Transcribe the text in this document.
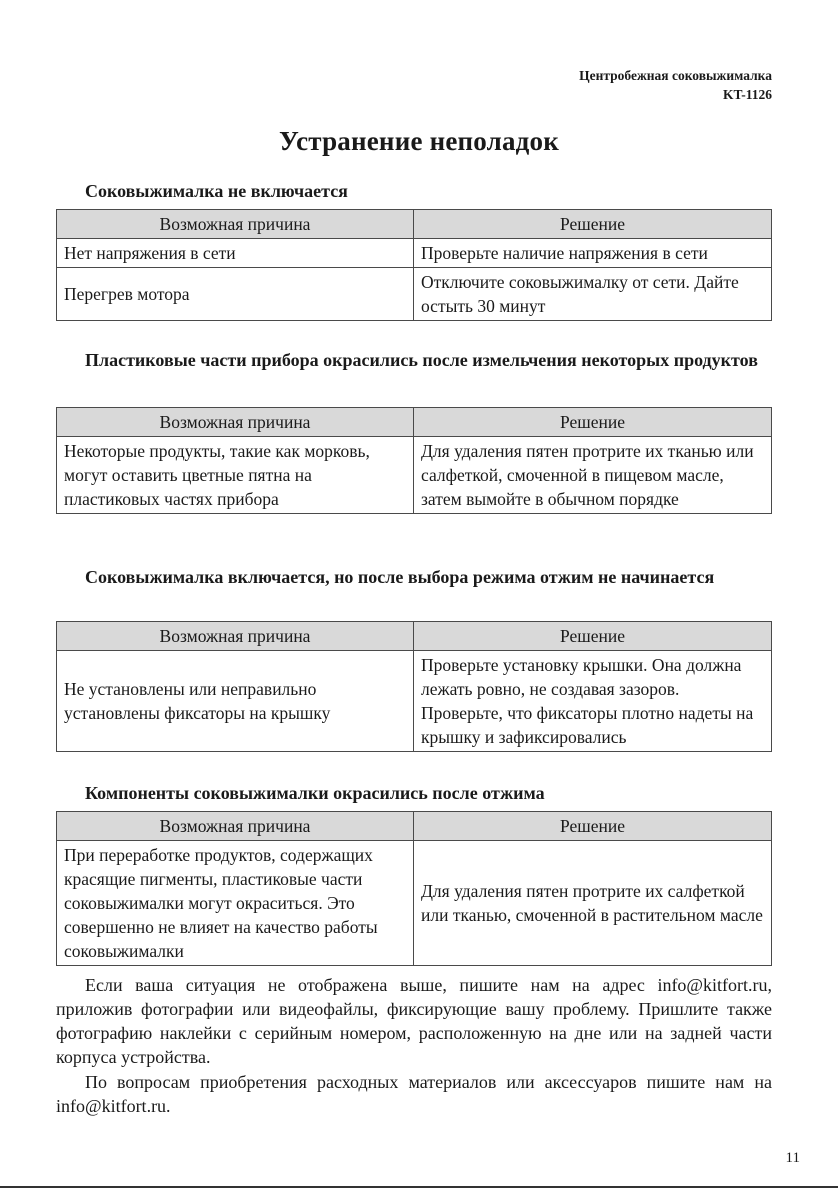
Центробежная соковыжималка
KT-1126
Устранение неполадок
Соковыжималка не включается
Возможная причина	Решение
Нет напряжения в сети	Проверьте наличие напряжения в сети
Перегрев мотора	Отключите соковыжималку от сети. Дайте остыть 30 минут
Пластиковые части прибора окрасились после измельчения некоторых продуктов
Возможная причина	Решение
Некоторые продукты, такие как морковь, могут оставить цветные пятна на пластиковых частях прибора	Для удаления пятен протрите их тканью или салфеткой, смоченной в пищевом масле, затем вымойте в обычном порядке
Соковыжималка включается, но после выбора режима отжим не начинается
Возможная причина	Решение
Не установлены или неправильно установлены фиксаторы на крышку	Проверьте установку крышки. Она должна лежать ровно, не создавая зазоров. Проверьте, что фиксаторы плотно надеты на крышку и зафиксировались
Компоненты соковыжималки окрасились после отжима
Возможная причина	Решение
При переработке продуктов, содержащих красящие пигменты, пластиковые части соковыжималки могут окраситься. Это совершенно не влияет на качество работы соковыжималки	Для удаления пятен протрите их салфеткой или тканью, смоченной в растительном масле
Если ваша ситуация не отображена выше, пишите нам на адрес info@kitfort.ru, приложив фотографии или видеофайлы, фиксирующие вашу проблему. Пришлите также фотографию наклейки с серийным номером, расположенную на дне или на задней части корпуса устройства.
По вопросам приобретения расходных материалов или аксессуаров пишите нам на info@kitfort.ru.
11
